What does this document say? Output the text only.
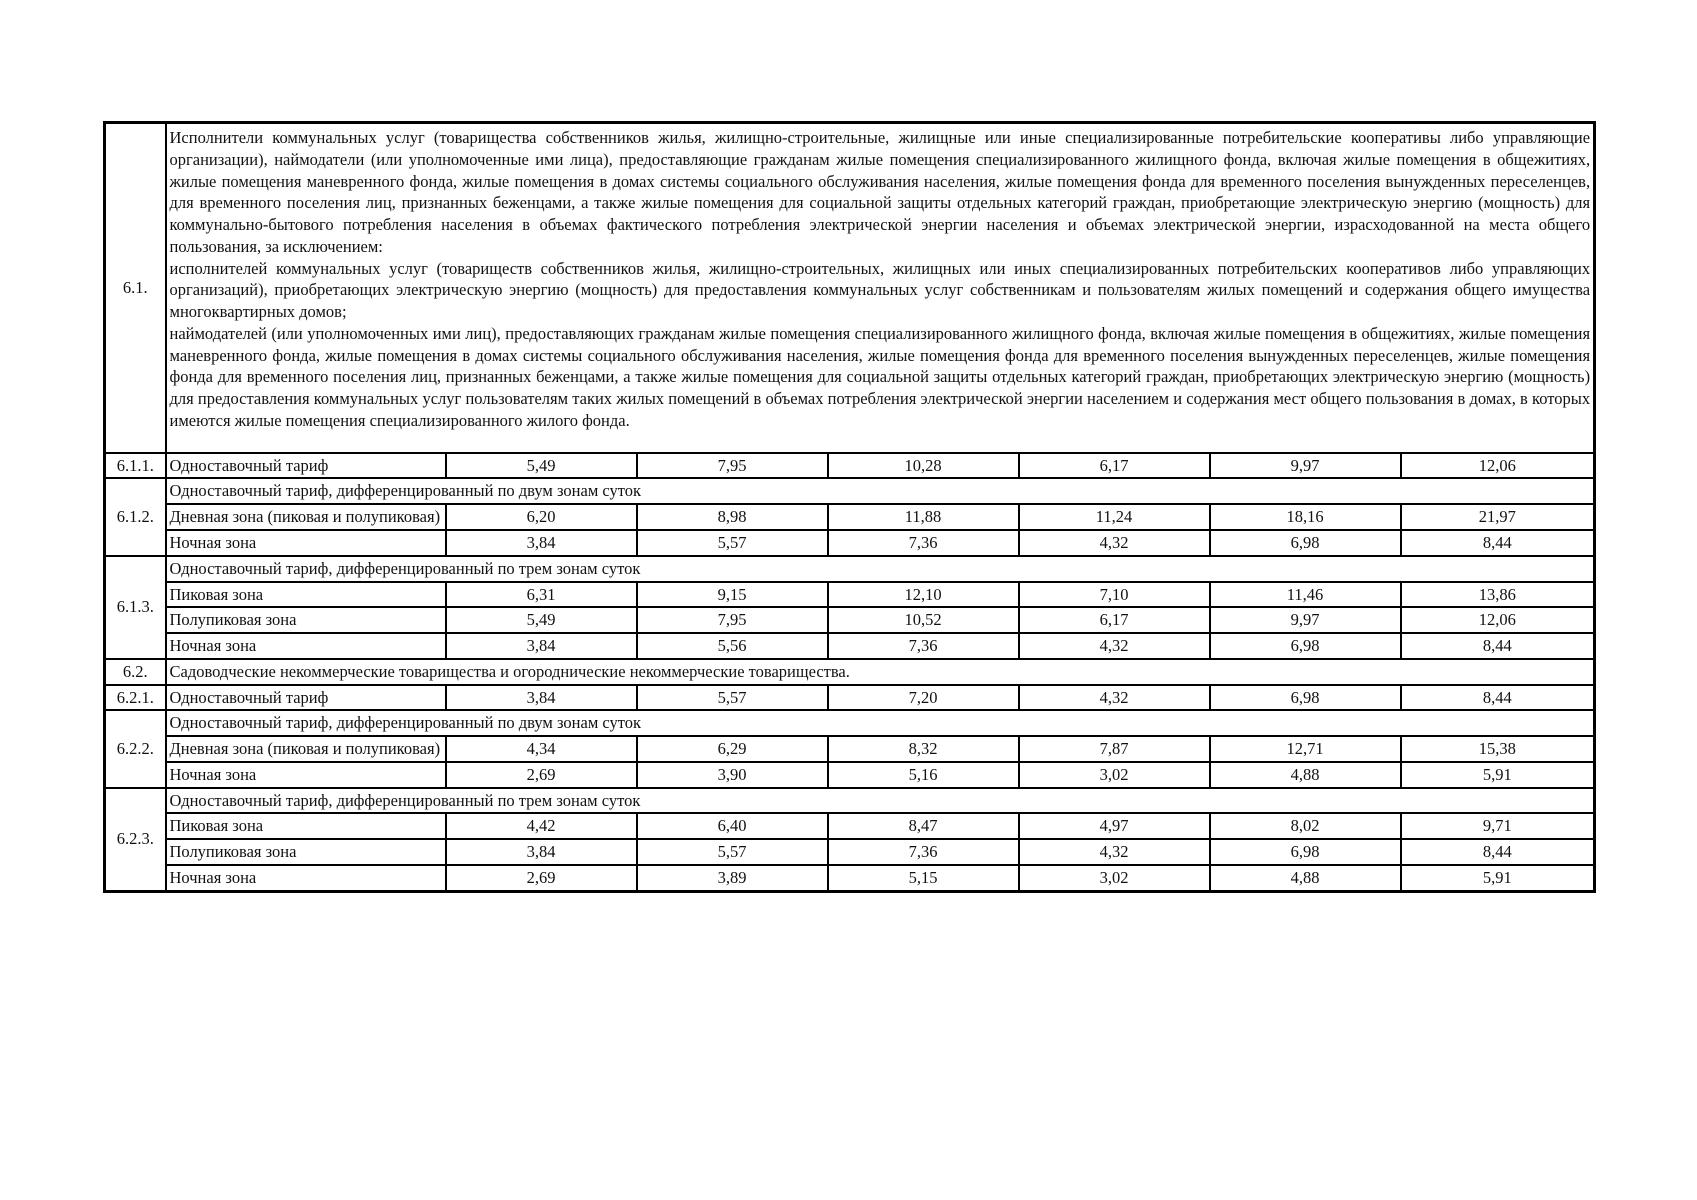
6.1.	Исполнители коммунальных услуг (товарищества собственников жилья, жилищно-строительные, жилищные или иные специализированные потребительские кооперативы либо управляющие организации), наймодатели (или уполномоченные ими лица), предоставляющие гражданам жилые помещения специализированного жилищного фонда, включая жилые помещения в общежитиях, жилые помещения маневренного фонда, жилые помещения в домах системы социального обслуживания населения, жилые помещения фонда для временного поселения вынужденных переселенцев, для временного поселения лиц, признанных беженцами, а также жилые помещения для социальной защиты отдельных категорий граждан, приобретающие электрическую энергию (мощность) для коммунально-бытового потребления населения в объемах фактического потребления электрической энергии населения и объемах электрической энергии, израсходованной на места общего пользования, за исключением:

исполнителей коммунальных услуг (товариществ собственников жилья, жилищно-строительных, жилищных или иных специализированных потребительских кооперативов либо управляющих организаций), приобретающих электрическую энергию (мощность) для предоставления коммунальных услуг собственникам и пользователям жилых помещений и содержания общего имущества многоквартирных домов;

наймодателей (или уполномоченных ими лиц), предоставляющих гражданам жилые помещения специализированного жилищного фонда, включая жилые помещения в общежитиях, жилые помещения маневренного фонда, жилые помещения в домах системы социального обслуживания населения, жилые помещения фонда для временного поселения вынужденных переселенцев, жилые помещения фонда для временного поселения лиц, признанных беженцами, а также жилые помещения для социальной защиты отдельных категорий граждан, приобретающих электрическую энергию (мощность) для предоставления коммунальных услуг пользователям таких жилых помещений в объемах потребления электрической энергии населением и содержания мест общего пользования в домах, в которых имеются жилые помещения специализированного жилого фонда.						

6.1.1.	Одноставочный тариф	5,49	7,95	10,28	6,17	9,97	12,06
6.1.2.	Одноставочный тариф, дифференцированный по двум зонам суток						
	Дневная зона (пиковая и полупиковая)	6,20	8,98	11,88	11,24	18,16	21,97
	Ночная зона	3,84	5,57	7,36	4,32	6,98	8,44
6.1.3.	Одноставочный тариф, дифференцированный по трем зонам суток						
	Пиковая зона	6,31	9,15	12,10	7,10	11,46	13,86
	Полупиковая зона	5,49	7,95	10,52	6,17	9,97	12,06
	Ночная зона	3,84	5,56	7,36	4,32	6,98	8,44
6.2.	Садоводческие некоммерческие товарищества и огороднические некоммерческие товарищества.						
6.2.1.	Одноставочный тариф	3,84	5,57	7,20	4,32	6,98	8,44
6.2.2.	Одноставочный тариф, дифференцированный по двум зонам суток						
	Дневная зона (пиковая и полупиковая)	4,34	6,29	8,32	7,87	12,71	15,38
	Ночная зона	2,69	3,90	5,16	3,02	4,88	5,91
6.2.3.	Одноставочный тариф, дифференцированный по трем зонам суток						
	Пиковая зона	4,42	6,40	8,47	4,97	8,02	9,71
	Полупиковая зона	3,84	5,57	7,36	4,32	6,98	8,44
	Ночная зона	2,69	3,89	5,15	3,02	4,88	5,91
